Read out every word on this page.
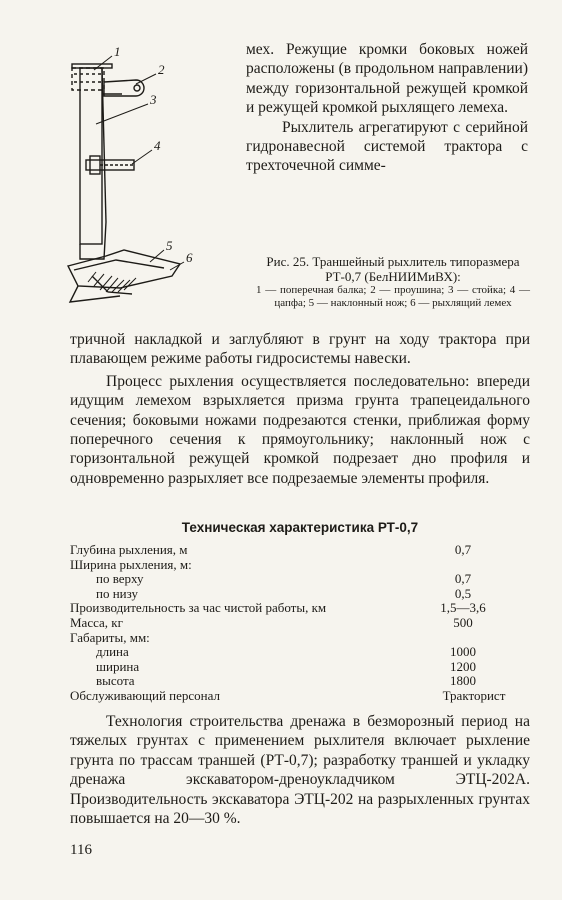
1
2
3
4
5
6

мех. Режущие кромки боковых ножей расположены (в продольном направлении) между горизонтальной режущей кромкой и режущей кромкой рыхлящего лемеха.

Рыхлитель агрегатируют с серийной гидронавесной системой трактора с трехточечной симме-

Рис. 25. Траншейный рыхлитель типоразмера РТ-0,7 (БелНИИМиВХ):
1 — поперечная балка; 2 — проушина; 3 — стойка; 4 — цапфа; 5 — наклонный нож; 6 — рыхлящий лемех

тричной накладкой и заглубляют в грунт на ходу трактора при плавающем режиме работы гидросистемы навески.

Процесс рыхления осуществляется последовательно: впереди идущим лемехом взрыхляется призма грунта трапецеидального сечения; боковыми ножами подрезаются стенки, приближая форму поперечного сечения к прямоугольнику; наклонный нож с горизонтальной режущей кромкой подрезает дно профиля и одновременно разрыхляет все подрезаемые элементы профиля.

Техническая характеристика РТ-0,7
Глубина рыхления, м	0,7
Ширина рыхления, м:
по верху	0,7
по низу	0,5
Производительность за час чистой работы, км	1,5—3,6
Масса, кг	500
Габариты, мм:
длина	1000
ширина	1200
высота	1800
Обслуживающий персонал	Тракторист

Технология строительства дренажа в безморозный период на тяжелых грунтах с применением рыхлителя включает рыхление грунта по трассам траншей (РТ-0,7); разработку траншей и укладку дренажа экскаватором-дреноукладчиком ЭТЦ-202А. Производительность экскаватора ЭТЦ-202 на разрыхленных грунтах повышается на 20—30 %.

116
